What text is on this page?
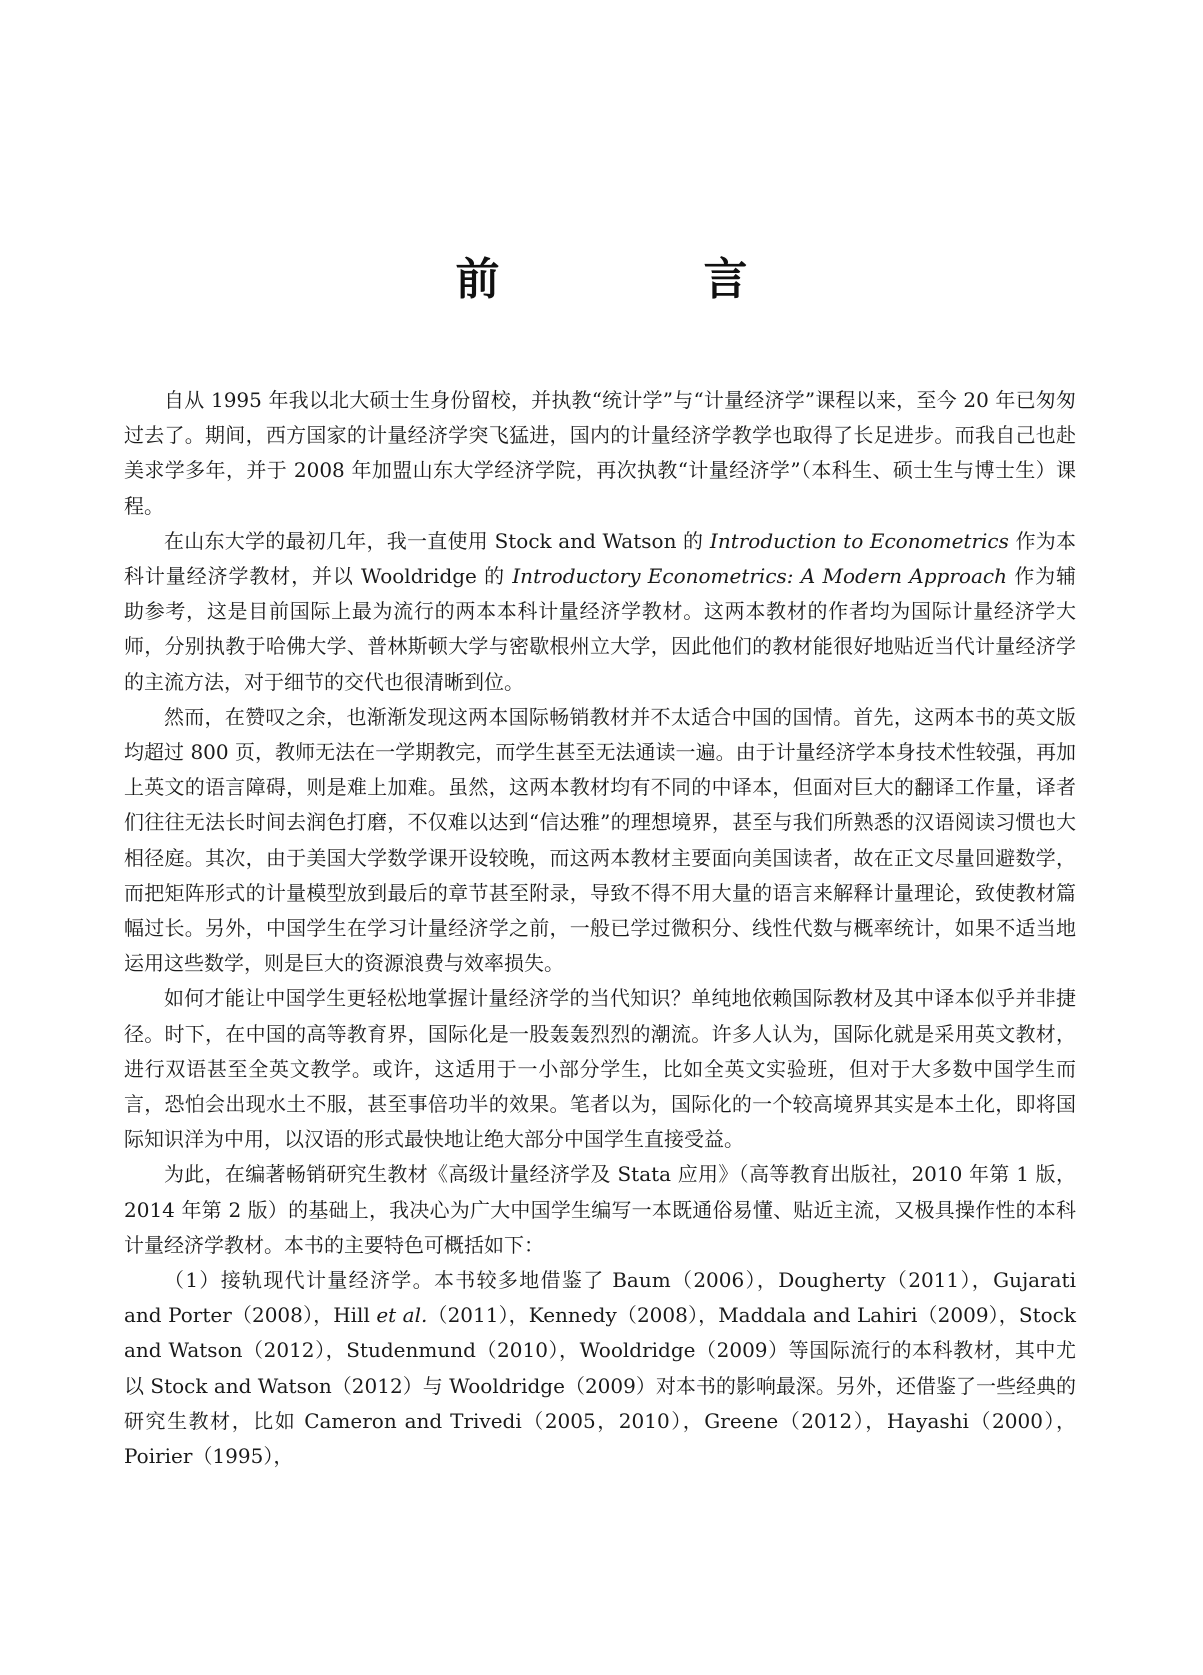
前　言

自从 1995 年我以北大硕士生身份留校，并执教“统计学”与“计量经济学”课程以来，至今 20 年已匆匆过去了。期间，西方国家的计量经济学突飞猛进，国内的计量经济学教学也取得了长足进步。而我自己也赴美求学多年，并于 2008 年加盟山东大学经济学院，再次执教“计量经济学”（本科生、硕士生与博士生）课程。

在山东大学的最初几年，我一直使用 Stock and Watson 的 Introduction to Econometrics 作为本科计量经济学教材，并以 Wooldridge 的 Introductory Econometrics: A Modern Approach 作为辅助参考，这是目前国际上最为流行的两本本科计量经济学教材。这两本教材的作者均为国际计量经济学大师，分别执教于哈佛大学、普林斯顿大学与密歇根州立大学，因此他们的教材能很好地贴近当代计量经济学的主流方法，对于细节的交代也很清晰到位。

然而，在赞叹之余，也渐渐发现这两本国际畅销教材并不太适合中国的国情。首先，这两本书的英文版均超过 800 页，教师无法在一学期教完，而学生甚至无法通读一遍。由于计量经济学本身技术性较强，再加上英文的语言障碍，则是难上加难。虽然，这两本教材均有不同的中译本，但面对巨大的翻译工作量，译者们往往无法长时间去润色打磨，不仅难以达到“信达雅”的理想境界，甚至与我们所熟悉的汉语阅读习惯也大相径庭。其次，由于美国大学数学课开设较晚，而这两本教材主要面向美国读者，故在正文尽量回避数学，而把矩阵形式的计量模型放到最后的章节甚至附录，导致不得不用大量的语言来解释计量理论，致使教材篇幅过长。另外，中国学生在学习计量经济学之前，一般已学过微积分、线性代数与概率统计，如果不适当地运用这些数学，则是巨大的资源浪费与效率损失。

如何才能让中国学生更轻松地掌握计量经济学的当代知识？单纯地依赖国际教材及其中译本似乎并非捷径。时下，在中国的高等教育界，国际化是一股轰轰烈烈的潮流。许多人认为，国际化就是采用英文教材，进行双语甚至全英文教学。或许，这适用于一小部分学生，比如全英文实验班，但对于大多数中国学生而言，恐怕会出现水土不服，甚至事倍功半的效果。笔者以为，国际化的一个较高境界其实是本土化，即将国际知识洋为中用，以汉语的形式最快地让绝大部分中国学生直接受益。

为此，在编著畅销研究生教材《高级计量经济学及 Stata 应用》（高等教育出版社，2010 年第 1 版，2014 年第 2 版）的基础上，我决心为广大中国学生编写一本既通俗易懂、贴近主流，又极具操作性的本科计量经济学教材。本书的主要特色可概括如下：

（1）接轨现代计量经济学。本书较多地借鉴了 Baum（2006），Dougherty（2011），Gujarati and Porter（2008），Hill et al.（2011），Kennedy（2008），Maddala and Lahiri（2009），Stock and Watson（2012），Studenmund（2010），Wooldridge（2009）等国际流行的本科教材，其中尤以 Stock and Watson（2012）与 Wooldridge（2009）对本书的影响最深。另外，还借鉴了一些经典的研究生教材，比如 Cameron and Trivedi（2005，2010），Greene（2012），Hayashi（2000），Poirier（1995），
